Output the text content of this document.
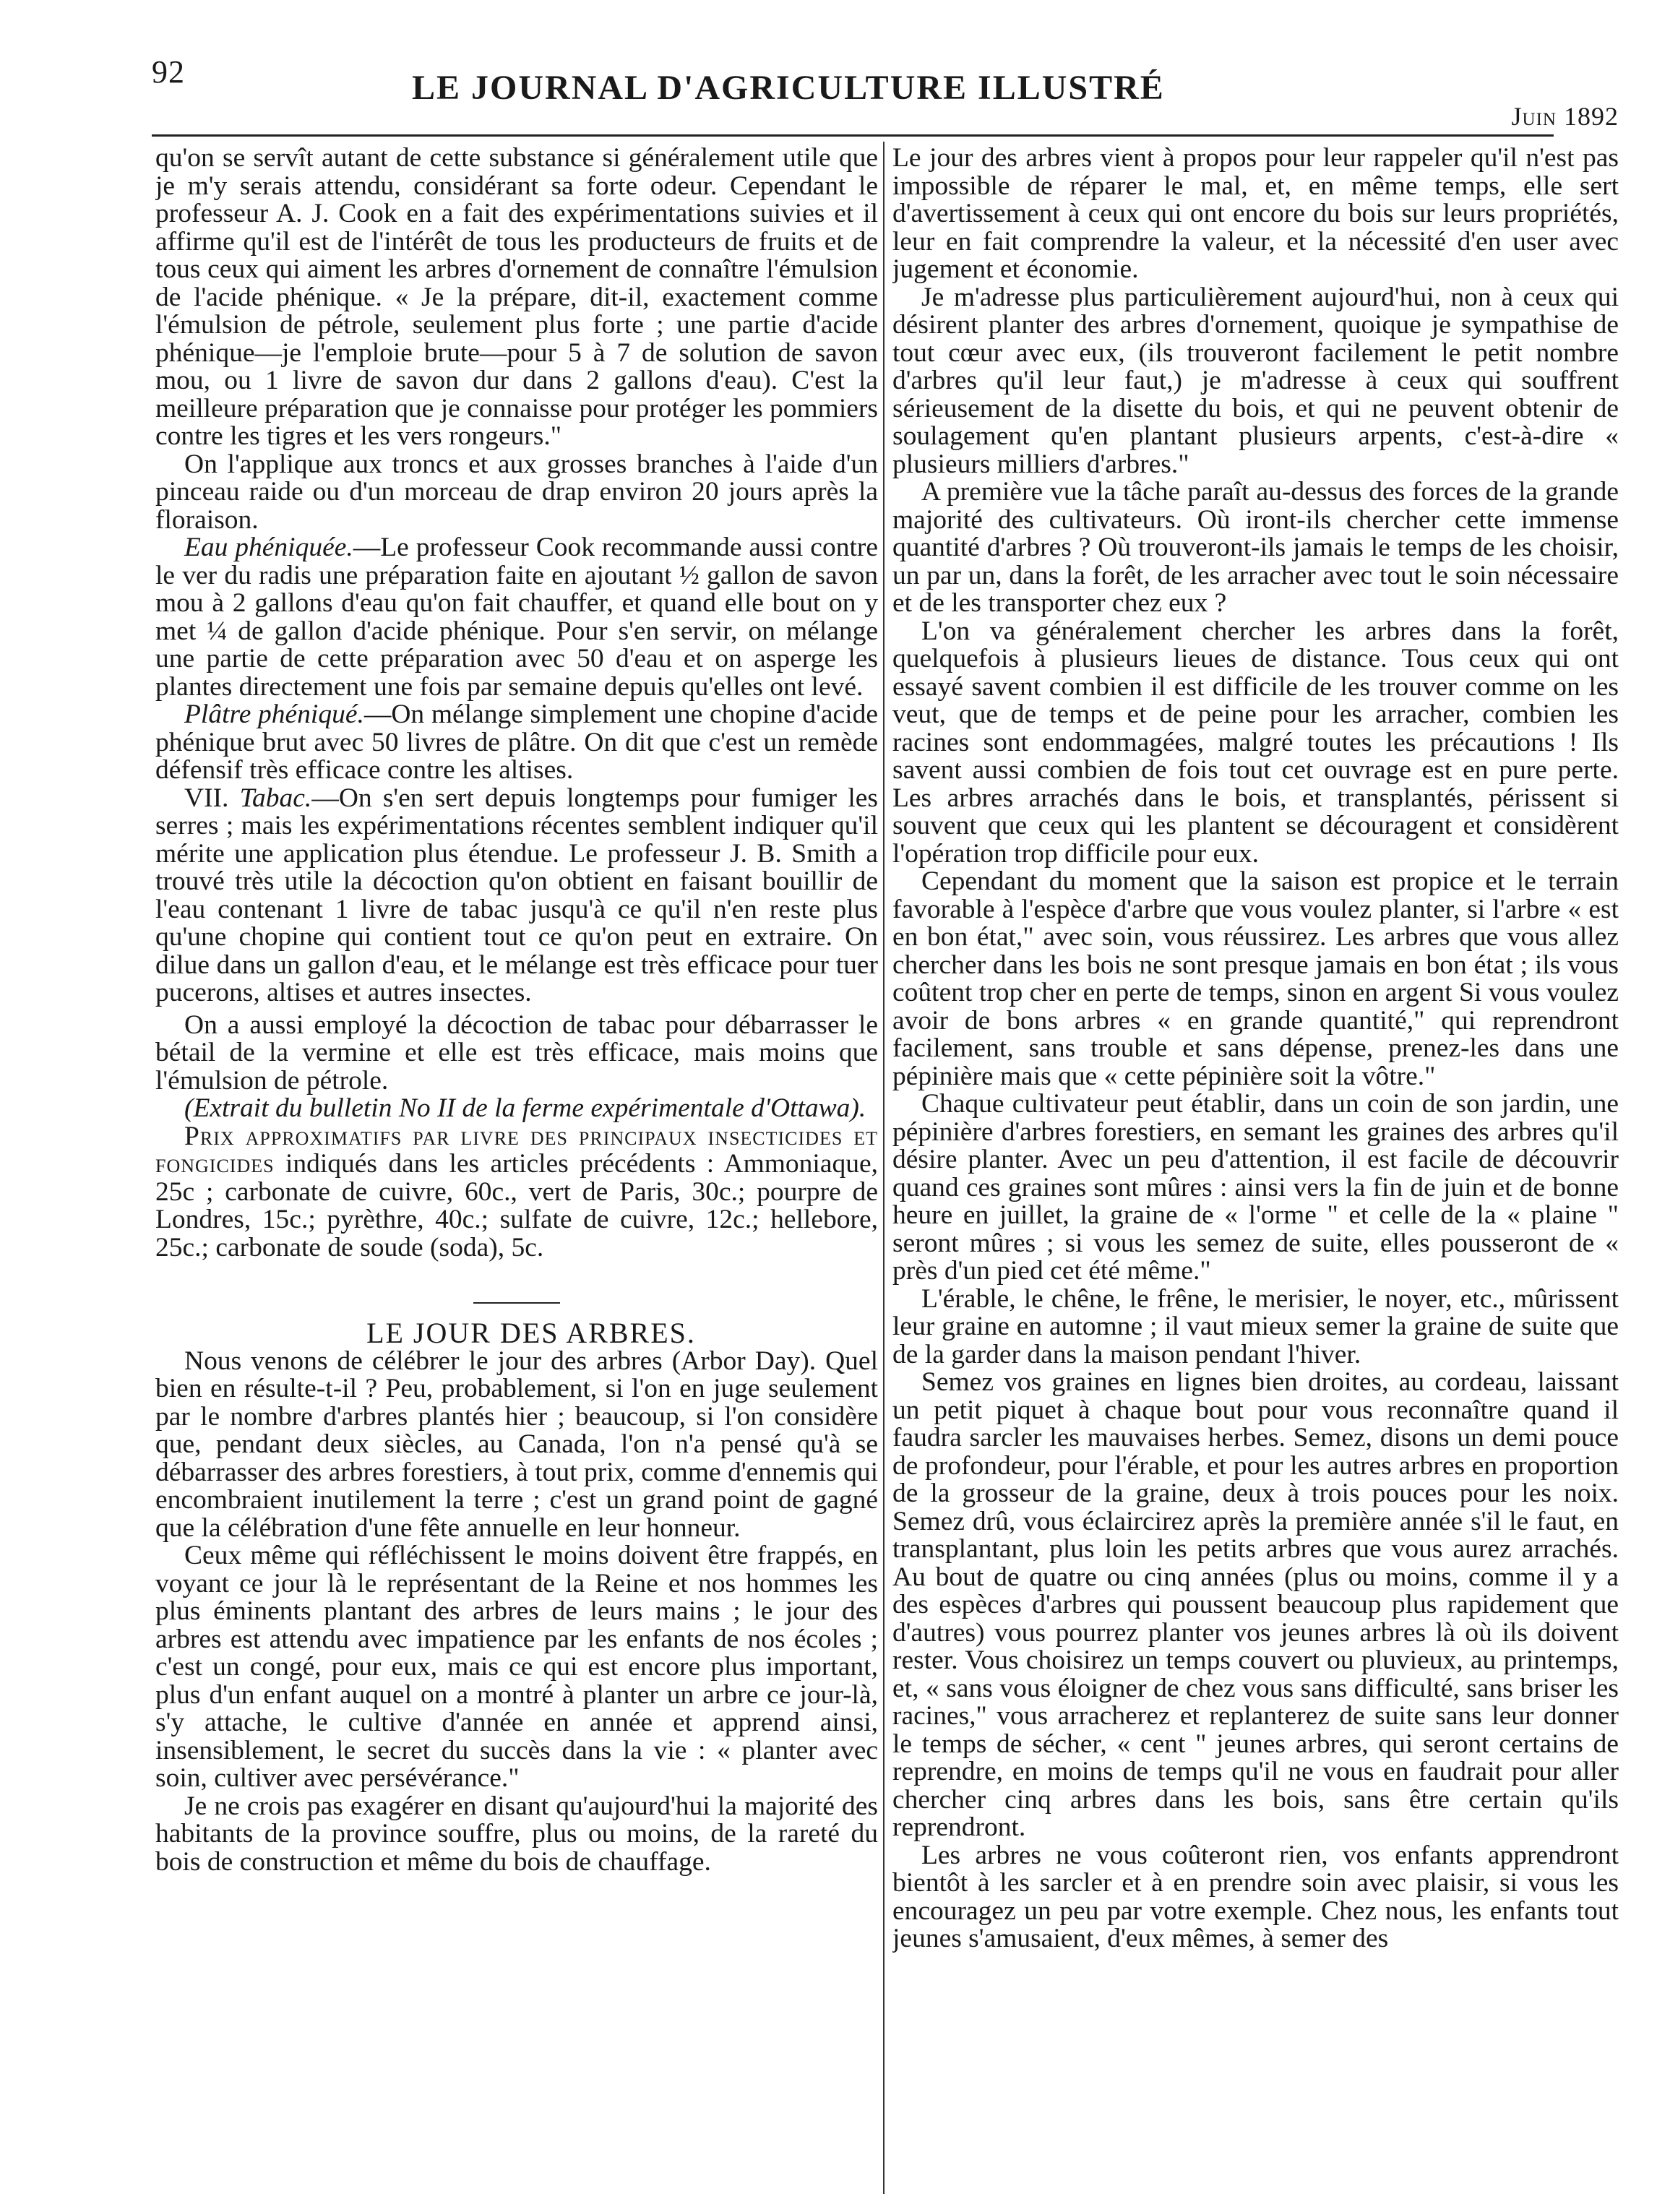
92	LE JOURNAL D'AGRICULTURE ILLUSTRÉ
Juin 1892

qu'on se servît autant de cette substance si généralement utile que je m'y serais attendu, considérant sa forte odeur. Cependant le professeur A. J. Cook en a fait des expérimentations suivies et il affirme qu'il est de l'intérêt de tous les producteurs de fruits et de tous ceux qui aiment les arbres d'ornement de connaître l'émulsion de l'acide phénique. « Je la prépare, dit-il, exactement comme l'émulsion de pétrole, seulement plus forte ; une partie d'acide phénique—je l'emploie brute—pour 5 à 7 de solution de savon mou, ou 1 livre de savon dur dans 2 gallons d'eau). C'est la meilleure préparation que je connaisse pour protéger les pommiers contre les tigres et les vers rongeurs."

On l'applique aux troncs et aux grosses branches à l'aide d'un pinceau raide ou d'un morceau de drap environ 20 jours après la floraison.

Eau phéniquée.—Le professeur Cook recommande aussi contre le ver du radis une préparation faite en ajoutant ½ gallon de savon mou à 2 gallons d'eau qu'on fait chauffer, et quand elle bout on y met ¼ de gallon d'acide phénique. Pour s'en servir, on mélange une partie de cette préparation avec 50 d'eau et on asperge les plantes directement une fois par semaine depuis qu'elles ont levé.

Plâtre phéniqué.—On mélange simplement une chopine d'acide phénique brut avec 50 livres de plâtre. On dit que c'est un remède défensif très efficace contre les altises.

VII. Tabac.—On s'en sert depuis longtemps pour fumiger les serres ; mais les expérimentations récentes semblent indiquer qu'il mérite une application plus étendue. Le professeur J. B. Smith a trouvé très utile la décoction qu'on obtient en faisant bouillir de l'eau contenant 1 livre de tabac jusqu'à ce qu'il n'en reste plus qu'une chopine qui contient tout ce qu'on peut en extraire. On dilue dans un gallon d'eau, et le mélange est très efficace pour tuer pucerons, altises et autres insectes.

On a aussi employé la décoction de tabac pour débarrasser le bétail de la vermine et elle est très efficace, mais moins que l'émulsion de pétrole.

(Extrait du bulletin No II de la ferme expérimentale d'Ottawa).

Prix approximatifs par livre des principaux insecticides et fongicides indiqués dans les articles précédents : Ammoniaque, 25c ; carbonate de cuivre, 60c., vert de Paris, 30c.; pourpre de Londres, 15c.; pyrèthre, 40c.; sulfate de cuivre, 12c.; hellebore, 25c.; carbonate de soude (soda), 5c.

LE JOUR DES ARBRES.

Nous venons de célébrer le jour des arbres (Arbor Day). Quel bien en résulte-t-il ? Peu, probablement, si l'on en juge seulement par le nombre d'arbres plantés hier ; beaucoup, si l'on considère que, pendant deux siècles, au Canada, l'on n'a pensé qu'à se débarrasser des arbres forestiers, à tout prix, comme d'ennemis qui encombraient inutilement la terre ; c'est un grand point de gagné que la célébration d'une fête annuelle en leur honneur.

Ceux même qui réfléchissent le moins doivent être frappés, en voyant ce jour là le représentant de la Reine et nos hommes les plus éminents plantant des arbres de leurs mains ; le jour des arbres est attendu avec impatience par les enfants de nos écoles ; c'est un congé, pour eux, mais ce qui est encore plus important, plus d'un enfant auquel on a montré à planter un arbre ce jour-là, s'y attache, le cultive d'année en année et apprend ainsi, insensiblement, le secret du succès dans la vie : « planter avec soin, cultiver avec persévérance."

Je ne crois pas exagérer en disant qu'aujourd'hui la majorité des habitants de la province souffre, plus ou moins, de la rareté du bois de construction et même du bois de chauffage.

Le jour des arbres vient à propos pour leur rappeler qu'il n'est pas impossible de réparer le mal, et, en même temps, elle sert d'avertissement à ceux qui ont encore du bois sur leurs propriétés, leur en fait comprendre la valeur, et la nécessité d'en user avec jugement et économie.

Je m'adresse plus particulièrement aujourd'hui, non à ceux qui désirent planter des arbres d'ornement, quoique je sympathise de tout cœur avec eux, (ils trouveront facilement le petit nombre d'arbres qu'il leur faut,) je m'adresse à ceux qui souffrent sérieusement de la disette du bois, et qui ne peuvent obtenir de soulagement qu'en plantant plusieurs arpents, c'est-à-dire « plusieurs milliers d'arbres."

A première vue la tâche paraît au-dessus des forces de la grande majorité des cultivateurs. Où iront-ils chercher cette immense quantité d'arbres ? Où trouveront-ils jamais le temps de les choisir, un par un, dans la forêt, de les arracher avec tout le soin nécessaire et de les transporter chez eux ?

L'on va généralement chercher les arbres dans la forêt, quelquefois à plusieurs lieues de distance. Tous ceux qui ont essayé savent combien il est difficile de les trouver comme on les veut, que de temps et de peine pour les arracher, combien les racines sont endommagées, malgré toutes les précautions ! Ils savent aussi combien de fois tout cet ouvrage est en pure perte. Les arbres arrachés dans le bois, et transplantés, périssent si souvent que ceux qui les plantent se découragent et considèrent l'opération trop difficile pour eux.

Cependant du moment que la saison est propice et le terrain favorable à l'espèce d'arbre que vous voulez planter, si l'arbre « est en bon état," avec soin, vous réussirez. Les arbres que vous allez chercher dans les bois ne sont presque jamais en bon état ; ils vous coûtent trop cher en perte de temps, sinon en argent Si vous voulez avoir de bons arbres « en grande quantité," qui reprendront facilement, sans trouble et sans dépense, prenez-les dans une pépinière mais que « cette pépinière soit la vôtre."

Chaque cultivateur peut établir, dans un coin de son jardin, une pépinière d'arbres forestiers, en semant les graines des arbres qu'il désire planter. Avec un peu d'attention, il est facile de découvrir quand ces graines sont mûres : ainsi vers la fin de juin et de bonne heure en juillet, la graine de « l'orme " et celle de la « plaine " seront mûres ; si vous les semez de suite, elles pousseront de « près d'un pied cet été même."

L'érable, le chêne, le frêne, le merisier, le noyer, etc., mûrissent leur graine en automne ; il vaut mieux semer la graine de suite que de la garder dans la maison pendant l'hiver.

Semez vos graines en lignes bien droites, au cordeau, laissant un petit piquet à chaque bout pour vous reconnaître quand il faudra sarcler les mauvaises herbes. Semez, disons un demi pouce de profondeur, pour l'érable, et pour les autres arbres en proportion de la grosseur de la graine, deux à trois pouces pour les noix. Semez drû, vous éclaircirez après la première année s'il le faut, en transplantant, plus loin les petits arbres que vous aurez arrachés. Au bout de quatre ou cinq années (plus ou moins, comme il y a des espèces d'arbres qui poussent beaucoup plus rapidement que d'autres) vous pourrez planter vos jeunes arbres là où ils doivent rester. Vous choisirez un temps couvert ou pluvieux, au printemps, et, « sans vous éloigner de chez vous sans difficulté, sans briser les racines," vous arracherez et replanterez de suite sans leur donner le temps de sécher, « cent " jeunes arbres, qui seront certains de reprendre, en moins de temps qu'il ne vous en faudrait pour aller chercher cinq arbres dans les bois, sans être certain qu'ils reprendront.

Les arbres ne vous coûteront rien, vos enfants apprendront bientôt à les sarcler et à en prendre soin avec plaisir, si vous les encouragez un peu par votre exemple. Chez nous, les enfants tout jeunes s'amusaient, d'eux mêmes, à semer des
